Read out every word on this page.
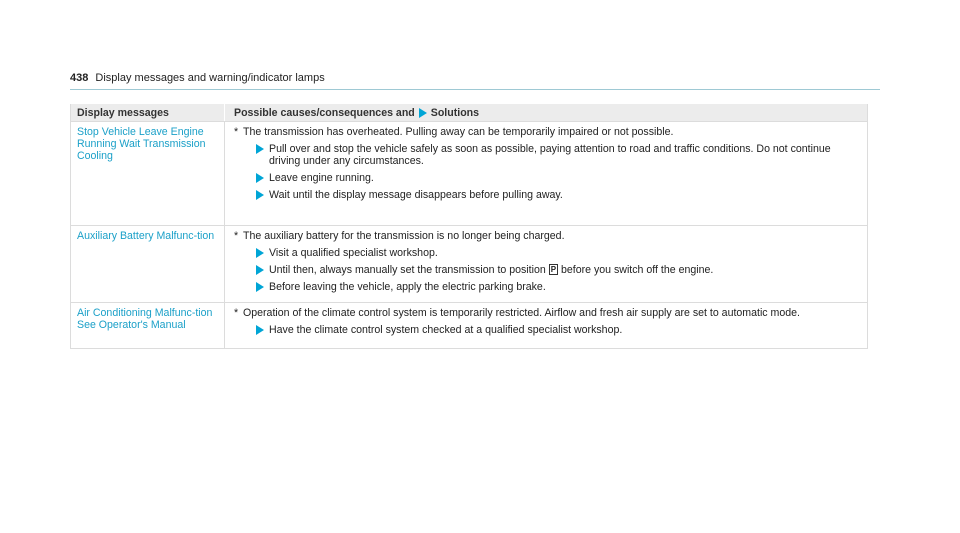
438 Display messages and warning/indicator lamps
Display messages	Possible causes/consequences and Solutions
Stop Vehicle Leave Engine Running Wait Transmission Cooling
* The transmission has overheated. Pulling away can be temporarily impaired or not possible.
Pull over and stop the vehicle safely as soon as possible, paying attention to road and traffic conditions. Do not continue driving under any circumstances.
Leave engine running.
Wait until the display message disappears before pulling away.
Auxiliary Battery Malfunc-tion	* The auxiliary battery for the transmission is no longer being charged.
Visit a qualified specialist workshop.
Until then, always manually set the transmission to position P before you switch off the engine.
Before leaving the vehicle, apply the electric parking brake.
Air Conditioning Malfunc-tion See Operator's Manual
* Operation of the climate control system is temporarily restricted. Airflow and fresh air supply are set to automatic mode.
Have the climate control system checked at a qualified specialist workshop.
